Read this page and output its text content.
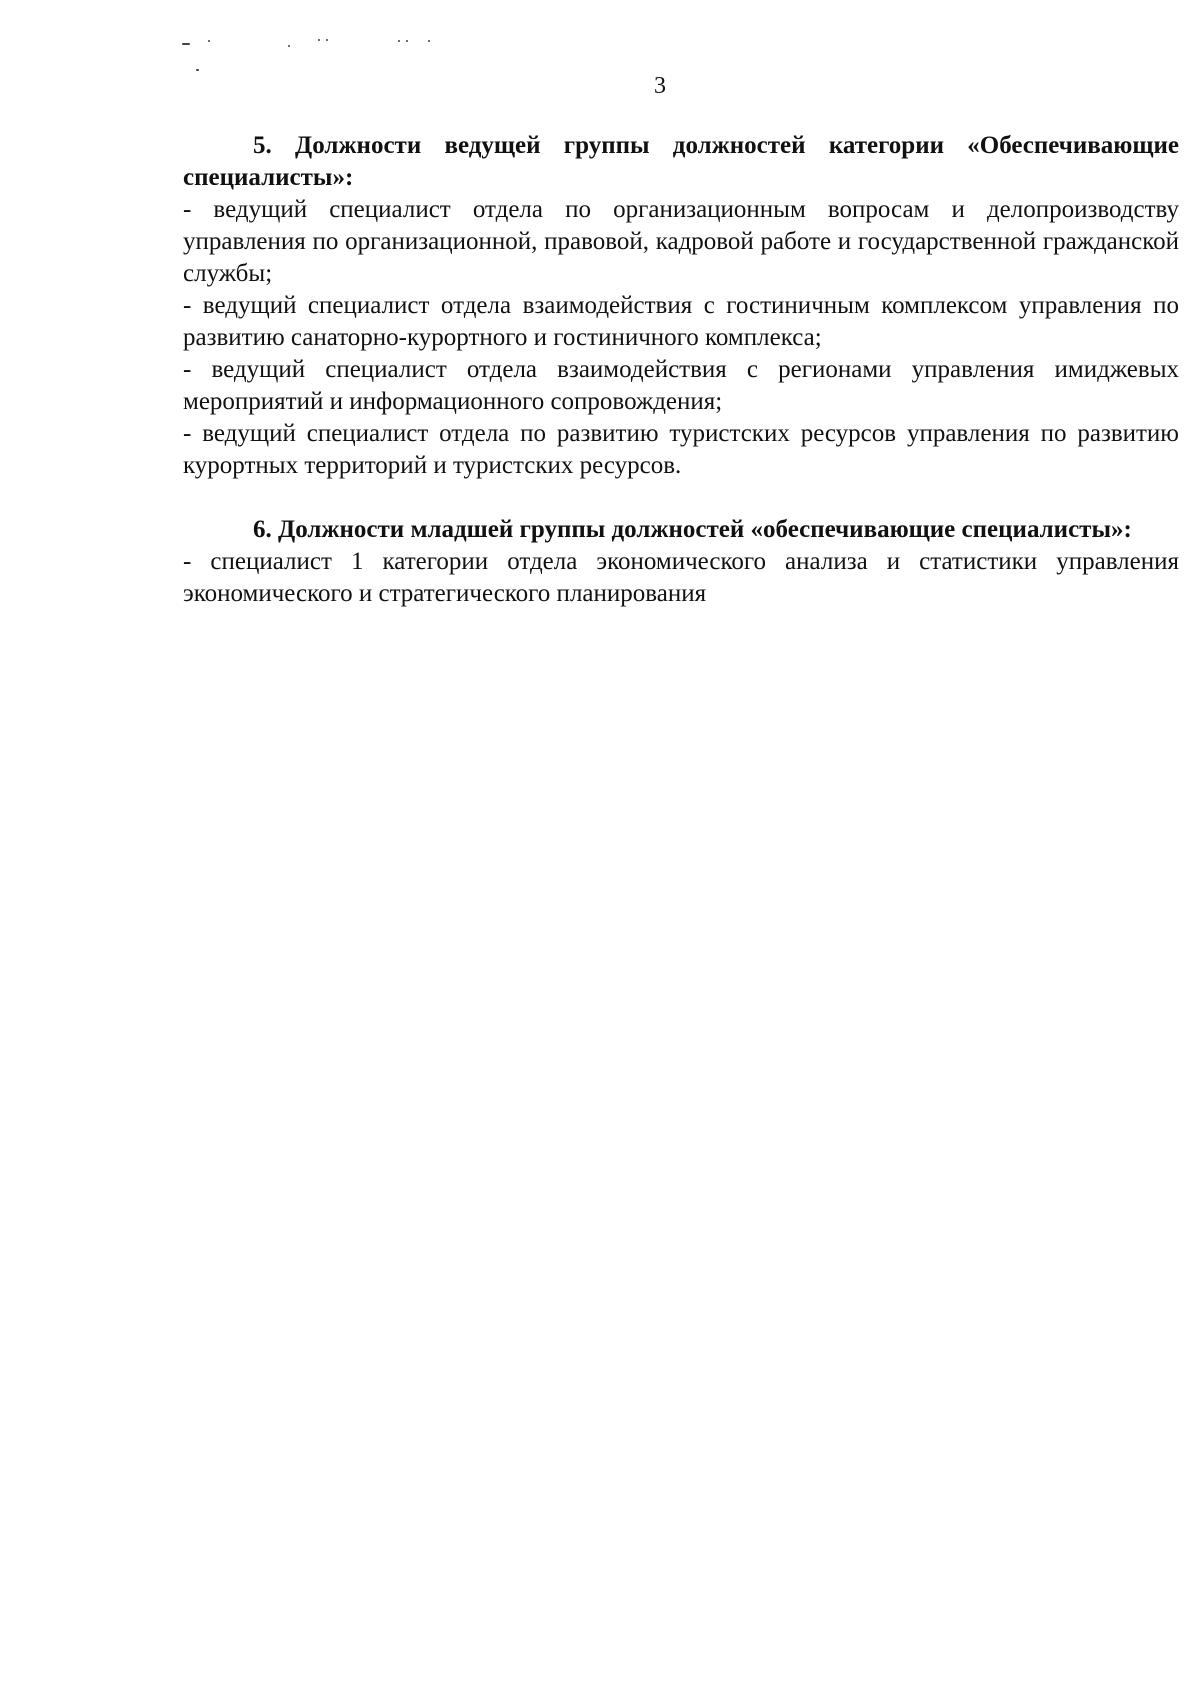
3

5. Должности ведущей группы должностей категории «Обеспечивающие специалисты»:

- ведущий специалист отдела по организационным вопросам и делопроизводству управления по организационной, правовой, кадровой работе и государственной гражданской службы;

- ведущий специалист отдела взаимодействия с гостиничным комплексом управления по развитию санаторно-курортного и гостиничного комплекса;

- ведущий специалист отдела взаимодействия с регионами управления имиджевых мероприятий и информационного сопровождения;

- ведущий специалист отдела по развитию туристских ресурсов управления по развитию курортных территорий и туристских ресурсов.

6. Должности младшей группы должностей «обеспечивающие специалисты»:

- специалист 1 категории отдела экономического анализа и статистики управления экономического и стратегического планирования
